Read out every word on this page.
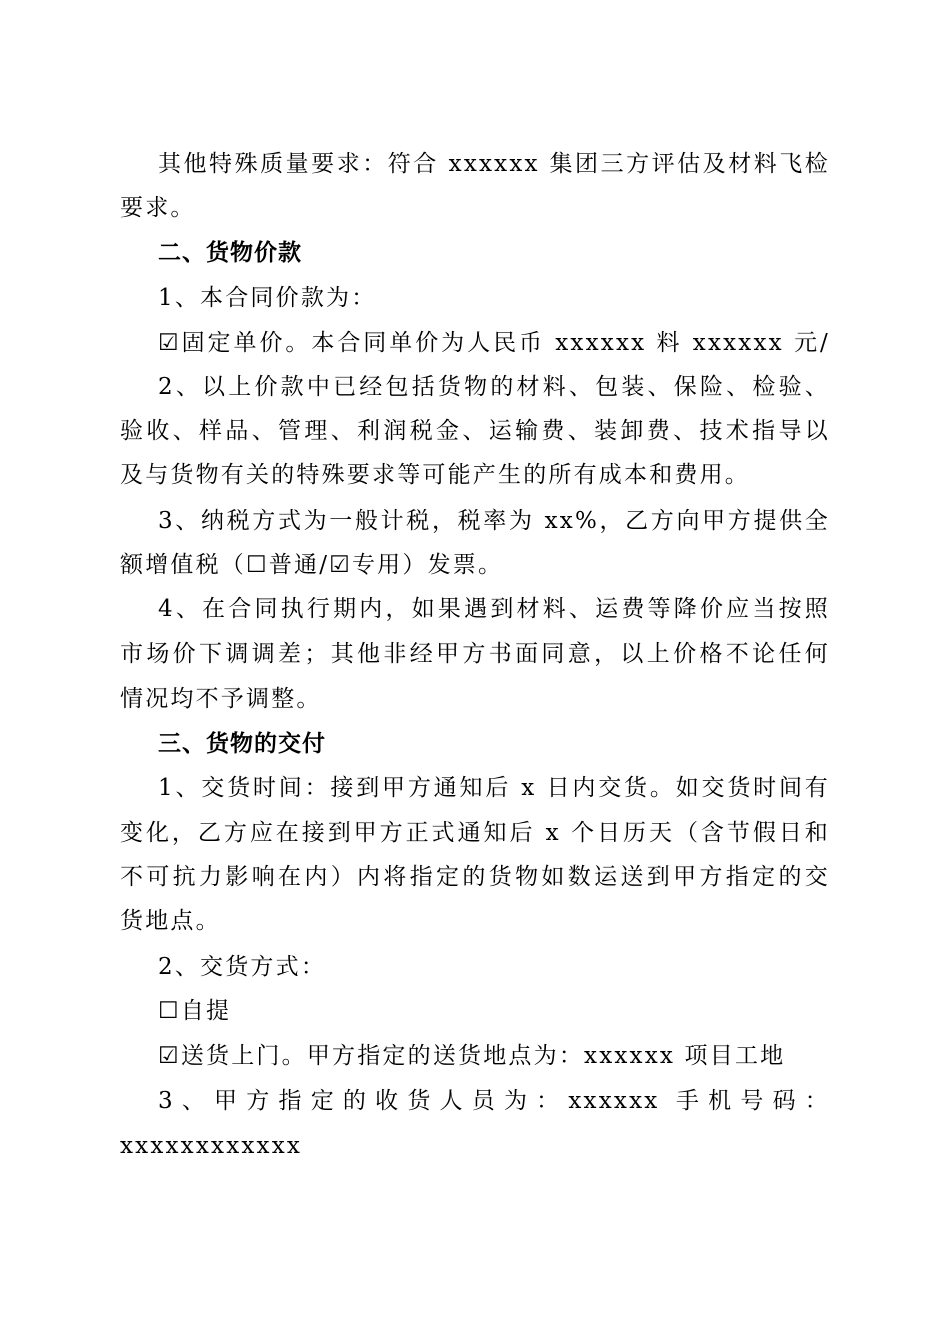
其他特殊质量要求：符合 xxxxxx 集团三方评估及材料飞检
要求。
二、货物价款
1、本合同价款为：
☑固定单价。本合同单价为人民币 xxxxxx 料 xxxxxx 元/
2、以上价款中已经包括货物的材料、包装、保险、检验、
验收、样品、管理、利润税金、运输费、装卸费、技术指导以
及与货物有关的特殊要求等可能产生的所有成本和费用。
3、纳税方式为一般计税，税率为 xx%，乙方向甲方提供全
额增值税（☐普通/☑专用）发票。
4、在合同执行期内，如果遇到材料、运费等降价应当按照
市场价下调调差；其他非经甲方书面同意，以上价格不论任何
情况均不予调整。
三、货物的交付
1、交货时间：接到甲方通知后 x 日内交货。如交货时间有
变化，乙方应在接到甲方正式通知后 x 个日历天（含节假日和
不可抗力影响在内）内将指定的货物如数运送到甲方指定的交
货地点。
2、交货方式：
☐自提
☑送货上门。甲方指定的送货地点为：xxxxxx 项目工地
3、甲方指定的收货人员为：xxxxxx 手机号码：
xxxxxxxxxxxx
